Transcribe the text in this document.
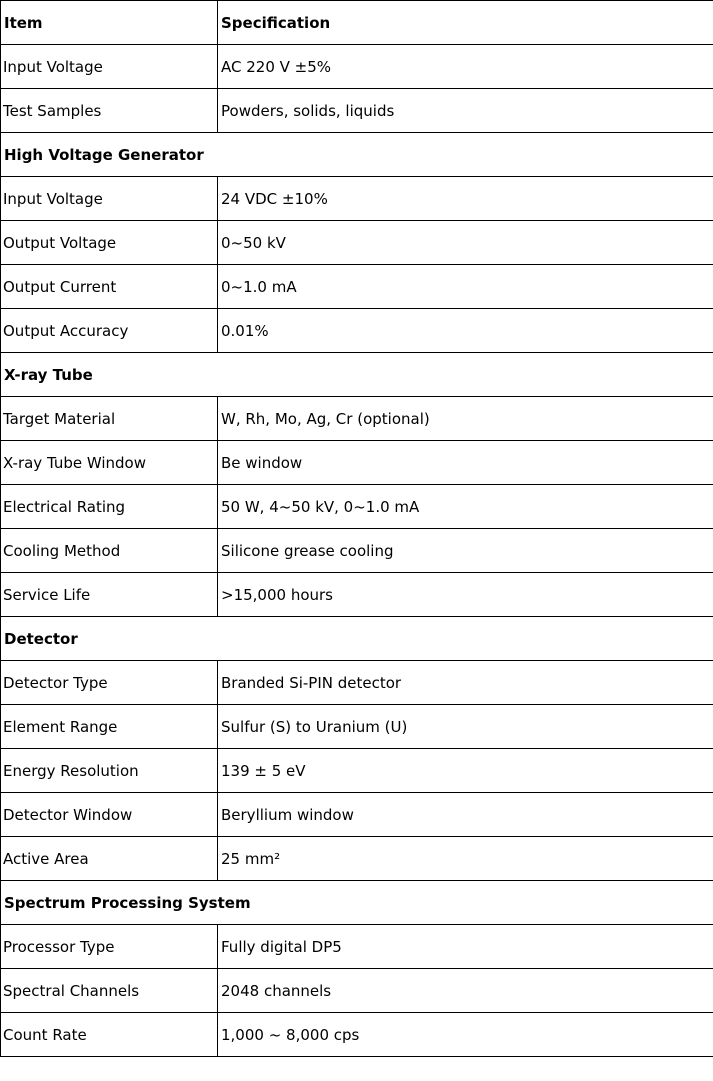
Item	Specification
Input Voltage	AC 220 V ±5%
Test Samples	Powders, solids, liquids
High Voltage Generator	
Input Voltage	24 VDC ±10%
Output Voltage	0~50 kV
Output Current	0~1.0 mA
Output Accuracy	0.01%
X-ray Tube	
Target Material	W, Rh, Mo, Ag, Cr (optional)
X-ray Tube Window	Be window
Electrical Rating	50 W, 4~50 kV, 0~1.0 mA
Cooling Method	Silicone grease cooling
Service Life	>15,000 hours
Detector	
Detector Type	Branded Si-PIN detector
Element Range	Sulfur (S) to Uranium (U)
Energy Resolution	139 ± 5 eV
Detector Window	Beryllium window
Active Area	25 mm²
Spectrum Processing System	
Processor Type	Fully digital DP5
Spectral Channels	2048 channels
Count Rate	1,000 ~ 8,000 cps
